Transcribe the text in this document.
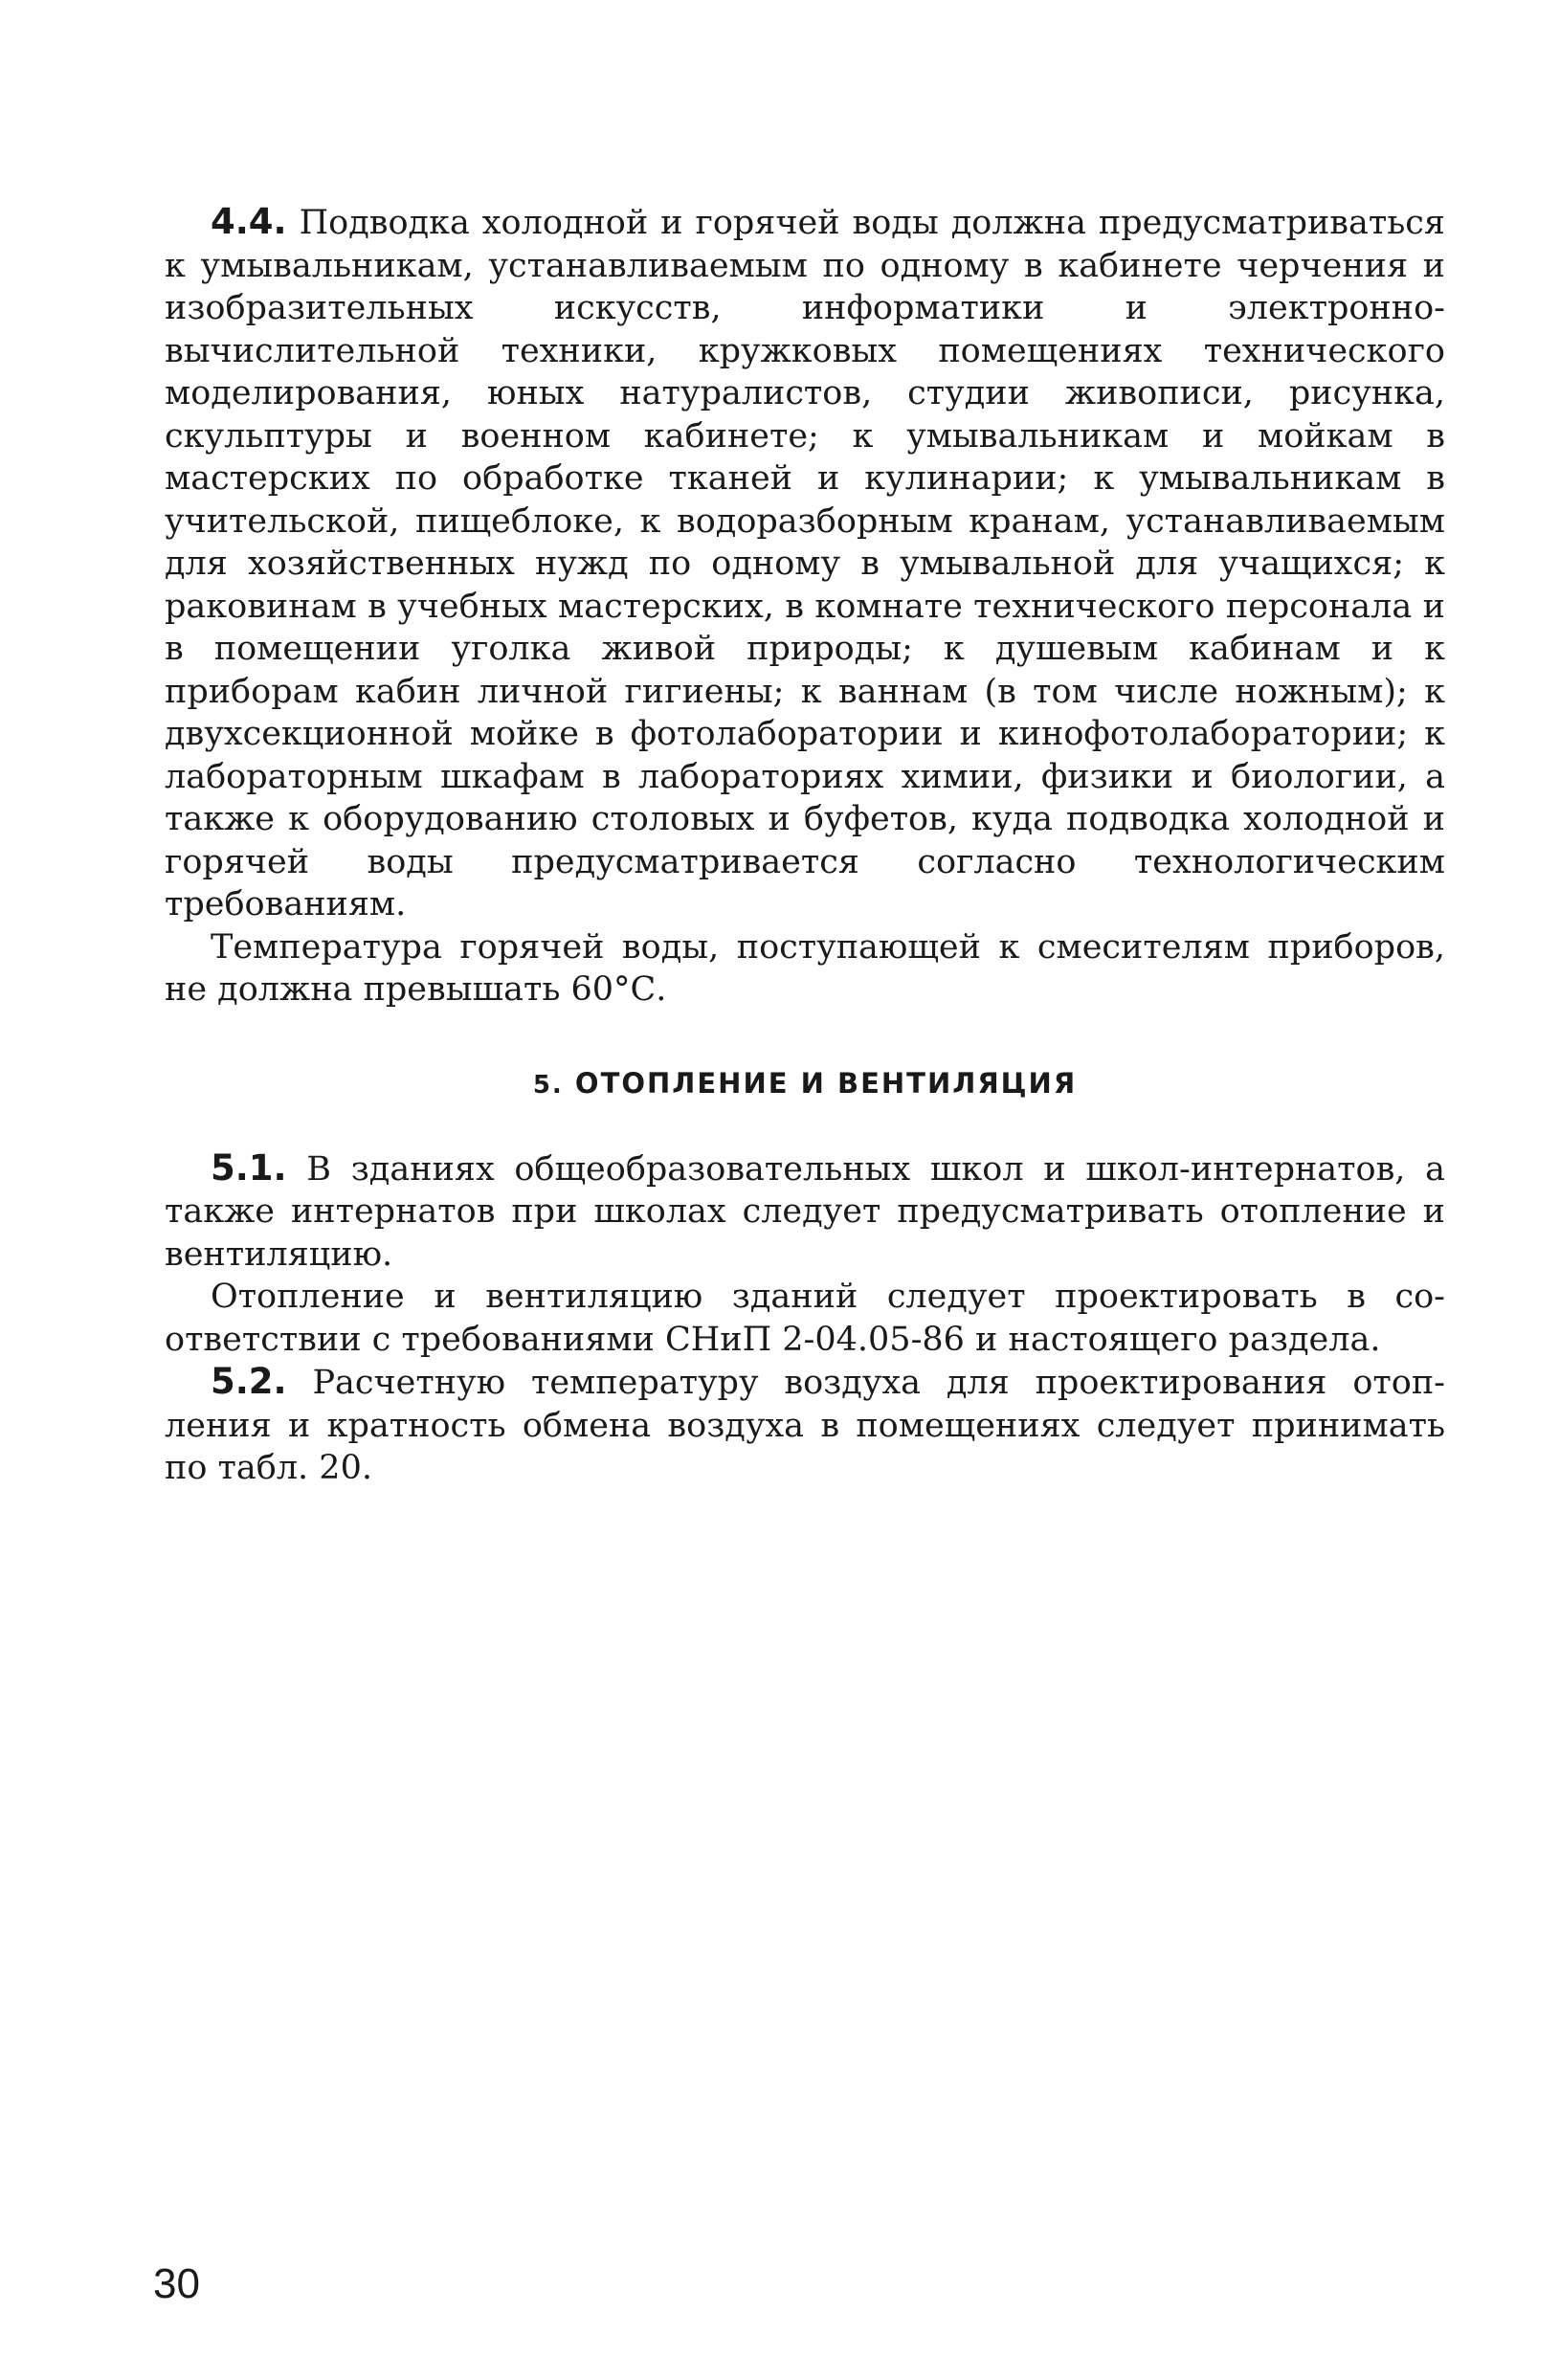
4.4. Подводка холодной и горячей воды должна предусматриваться к умывальникам, устанавливаемым по одному в кабинете черчения и изобразительных искусств, информатики и электронновычислительной техники, кружковых помещениях технического моделирования, юных натуралистов, студии живописи, рисунка, скульптуры и военном кабинете; к умывальникам и мойкам в мастерских по обработке тканей и кулинарии; к умывальникам в учительской, пищеблоке, к водоразборным кранам, устанавливаемым для хозяйственных нужд по одному в умывальной для учащихся; к раковинам в учебных мастерских, в комнате технического персонала и в помещении уголка живой природы; к душевым кабинам и к приборам кабин личной гигиены; к ваннам (в том числе ножным); к двухсекционной мойке в фотолаборатории и кинофотолаборатории; к лабораторным шкафам в лабораториях химии, физики и биологии, а также к оборудованию столовых и буфетов, куда подводка холодной и горячей воды предусматривается согласно технологическим требованиям.

Температура горячей воды, поступающей к смесителям приборов, не должна превышать 60°С.

5. ОТОПЛЕНИЕ И ВЕНТИЛЯЦИЯ

5.1. В зданиях общеобразовательных школ и школ-интернатов, а также интернатов при школах следует предусматривать отопление и вентиляцию.

Отопление и вентиляцию зданий следует проектировать в соответствии с требованиями СНиП 2-04.05-86 и настоящего раздела.

5.2. Расчетную температуру воздуха для проектирования отопления и кратность обмена воздуха в помещениях следует принимать по табл. 20.

30
